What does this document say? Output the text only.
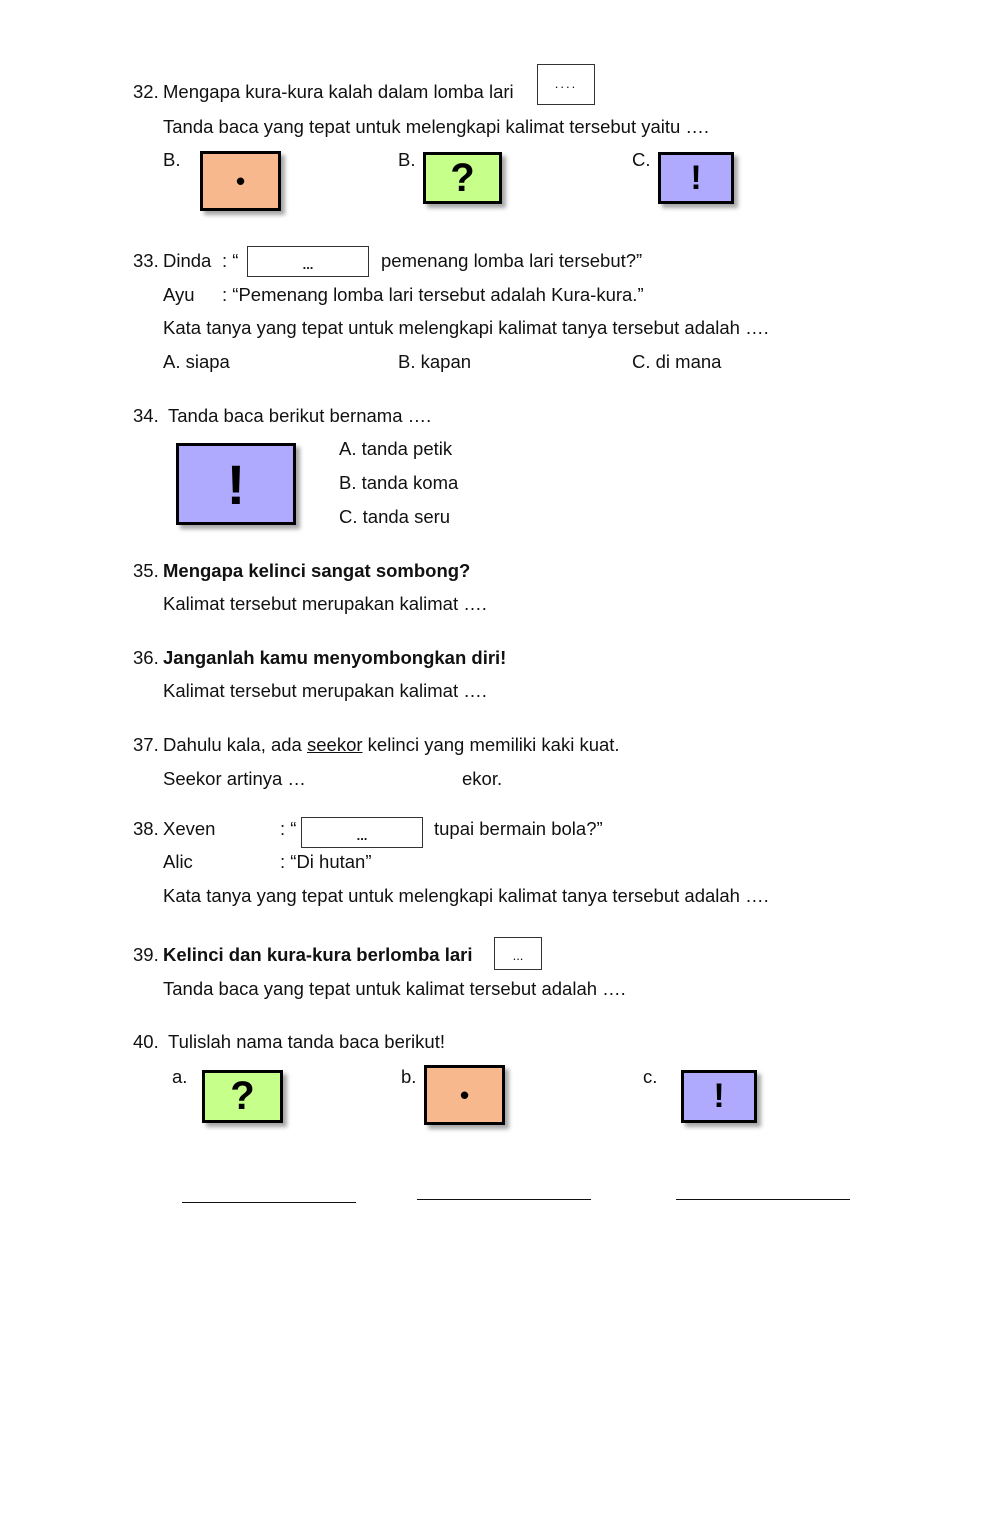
32. Mengapa kura-kura kalah dalam lomba lari	....
Tanda baca yang tepat untuk melengkapi kalimat tersebut yaitu ….
B.
•
B. ?	C. !
33. Dinda : “	...	pemenang lomba lari tersebut?”
Ayu : “Pemenang lomba lari tersebut adalah Kura-kura.”
Kata tanya yang tepat untuk melengkapi kalimat tanya tersebut adalah ….
A. siapa	B. kapan	C. di mana
34. Tanda baca berikut bernama ….
!
A. tanda petik
B. tanda koma
C. tanda seru
35. Mengapa kelinci sangat sombong?
Kalimat tersebut merupakan kalimat ….
36. Janganlah kamu menyombongkan diri!
Kalimat tersebut merupakan kalimat ….
37. Dahulu kala, ada seekor kelinci yang memiliki kaki kuat.
Seekor artinya …	ekor.
38. Xeven	: “	...	tupai bermain bola?”
Alic	: “Di hutan”
Kata tanya yang tepat untuk melengkapi kalimat tanya tersebut adalah ….
39. Kelinci dan kura-kura berlomba lari	...
Tanda baca yang tepat untuk kalimat tersebut adalah ….
40. Tulislah nama tanda baca berikut!
a. ?	b.
•
c.
!
